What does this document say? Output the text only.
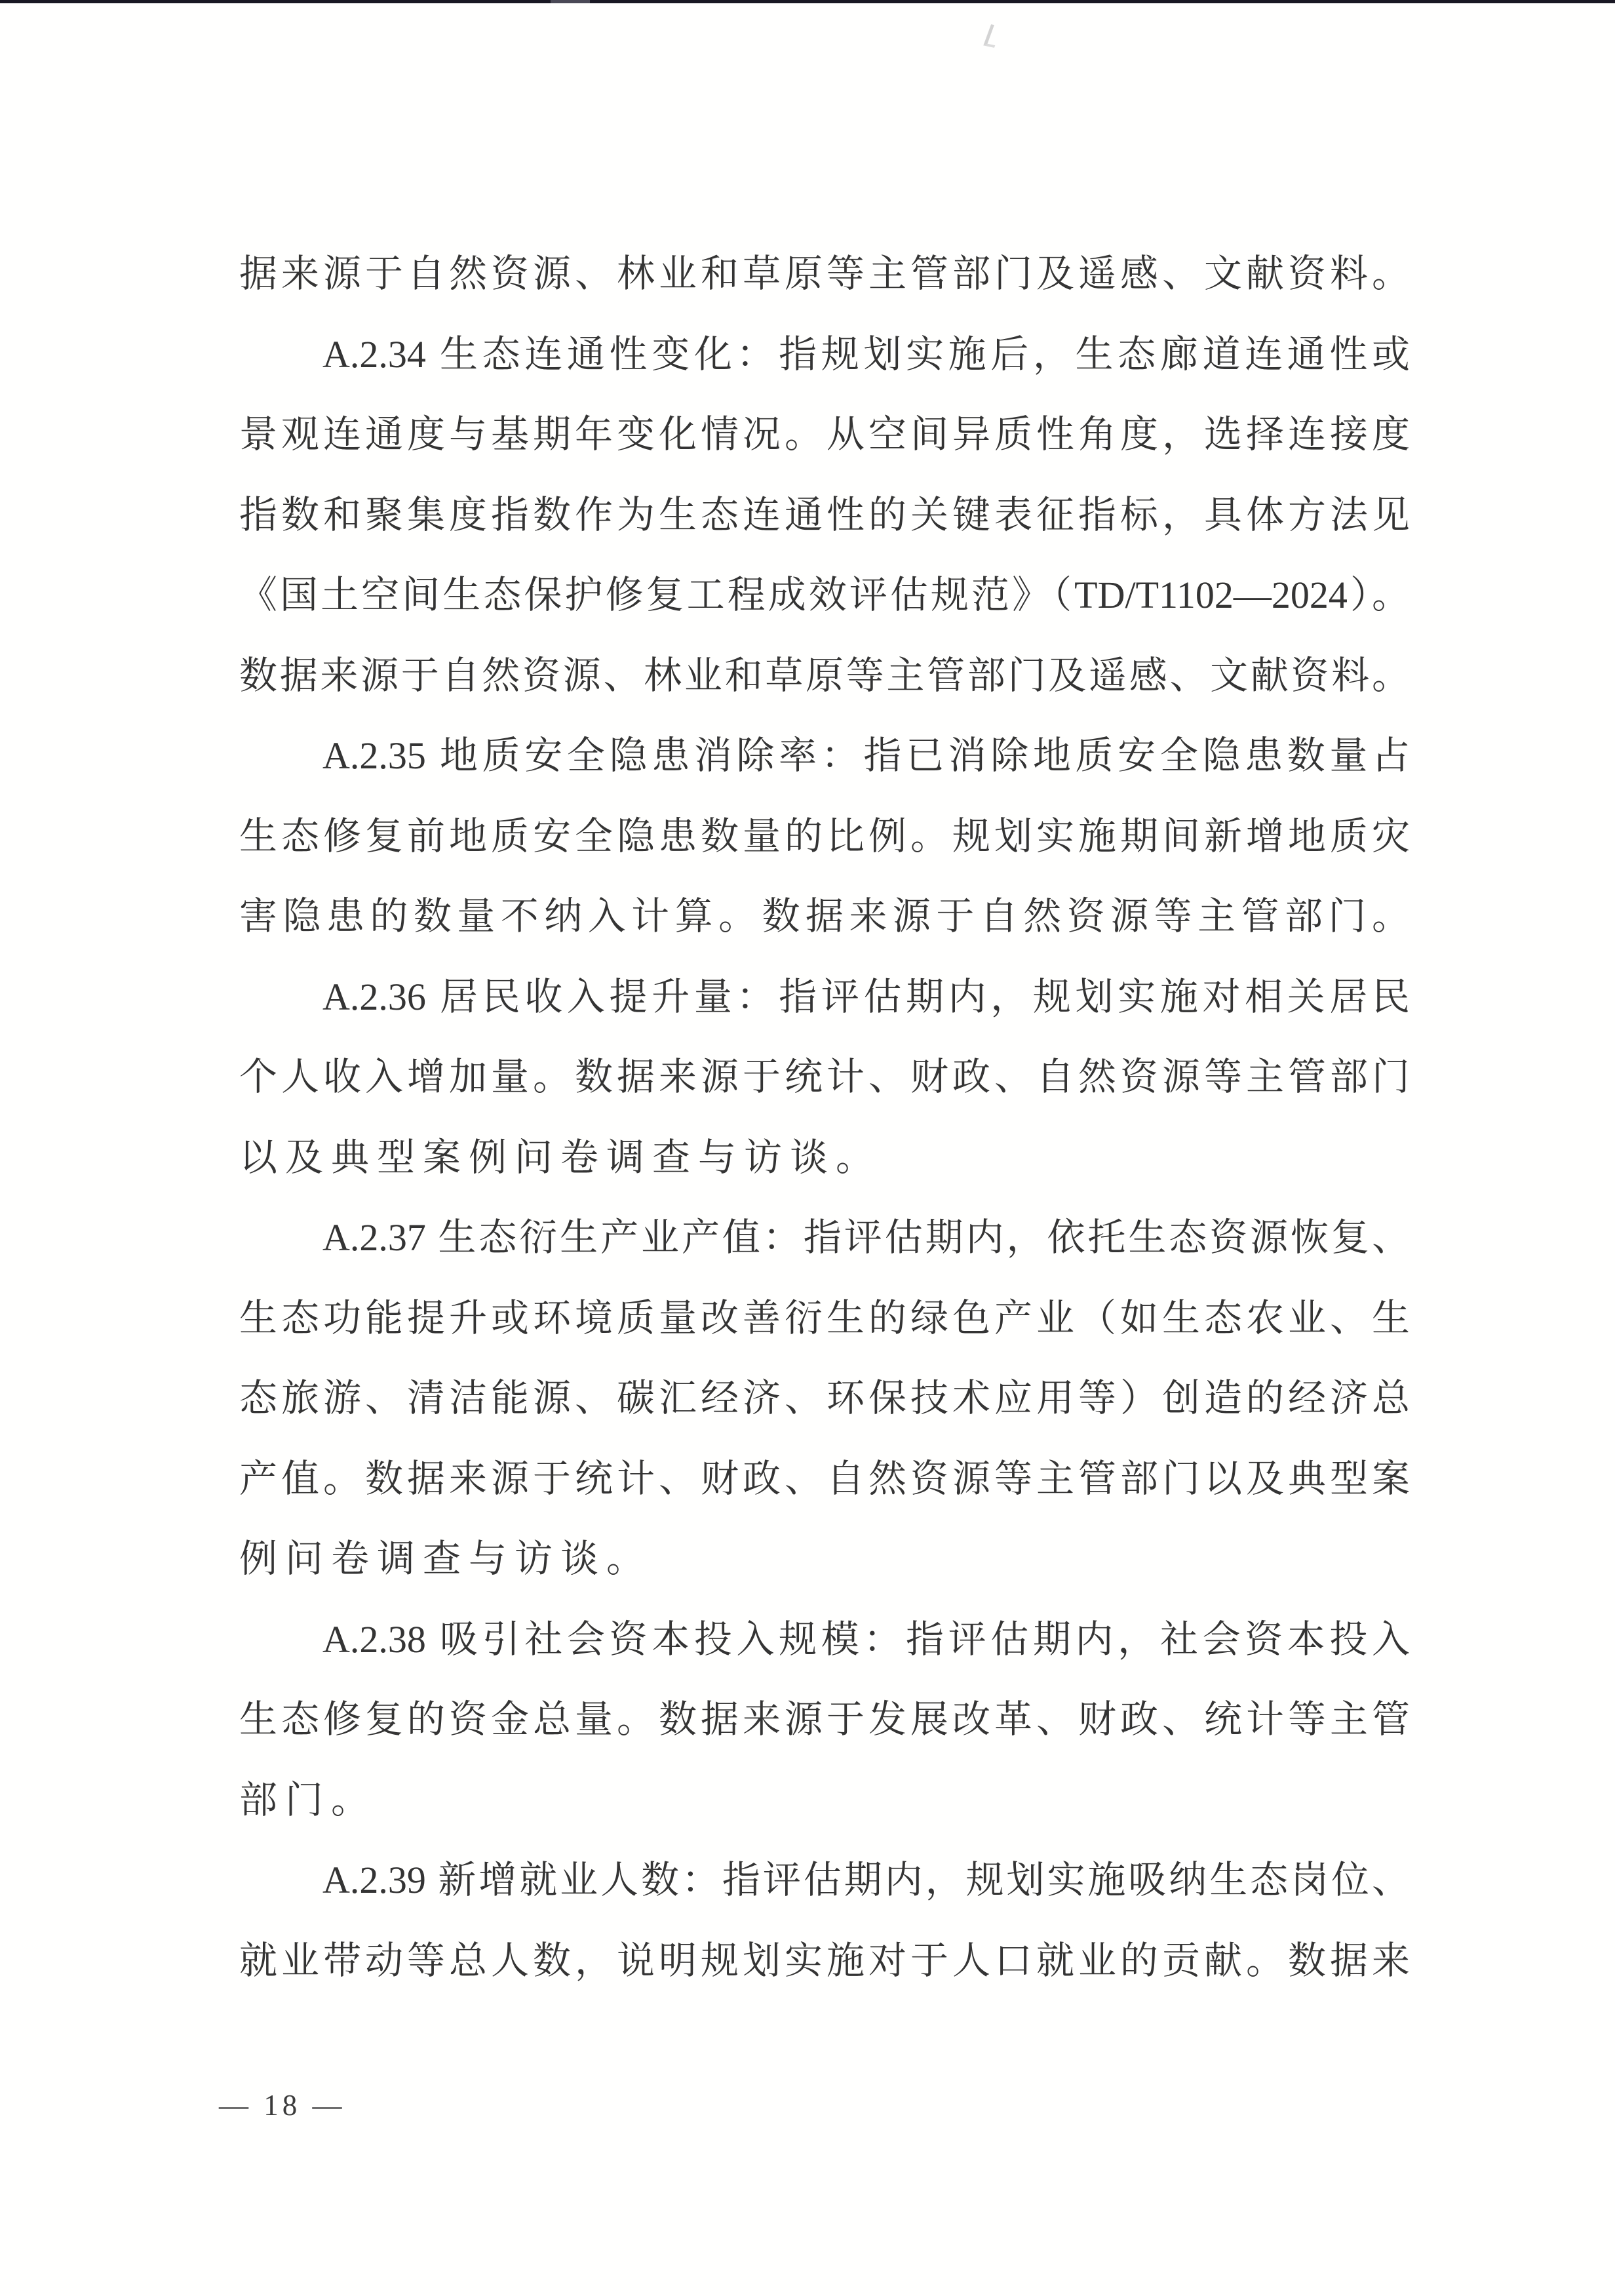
据来源于自然资源、林业和草原等主管部门及遥感、文献资料。
A.2.34 生态连通性变化：指规划实施后，生态廊道连通性或
景观连通度与基期年变化情况。从空间异质性角度，选择连接度
指数和聚集度指数作为生态连通性的关键表征指标，具体方法见
《国土空间生态保护修复工程成效评估规范》（TD/T1102—2024）。
数据来源于自然资源、林业和草原等主管部门及遥感、文献资料。
A.2.35 地质安全隐患消除率：指已消除地质安全隐患数量占
生态修复前地质安全隐患数量的比例。规划实施期间新增地质灾
害隐患的数量不纳入计算。数据来源于自然资源等主管部门。
A.2.36 居民收入提升量：指评估期内，规划实施对相关居民
个人收入增加量。数据来源于统计、财政、自然资源等主管部门
以及典型案例问卷调查与访谈。
A.2.37 生态衍生产业产值：指评估期内，依托生态资源恢复、
生态功能提升或环境质量改善衍生的绿色产业（如生态农业、生
态旅游、清洁能源、碳汇经济、环保技术应用等）创造的经济总
产值。数据来源于统计、财政、自然资源等主管部门以及典型案
例问卷调查与访谈。
A.2.38 吸引社会资本投入规模：指评估期内，社会资本投入
生态修复的资金总量。数据来源于发展改革、财政、统计等主管
部门。
A.2.39 新增就业人数：指评估期内，规划实施吸纳生态岗位、
就业带动等总人数，说明规划实施对于人口就业的贡献。数据来
— 18 —
